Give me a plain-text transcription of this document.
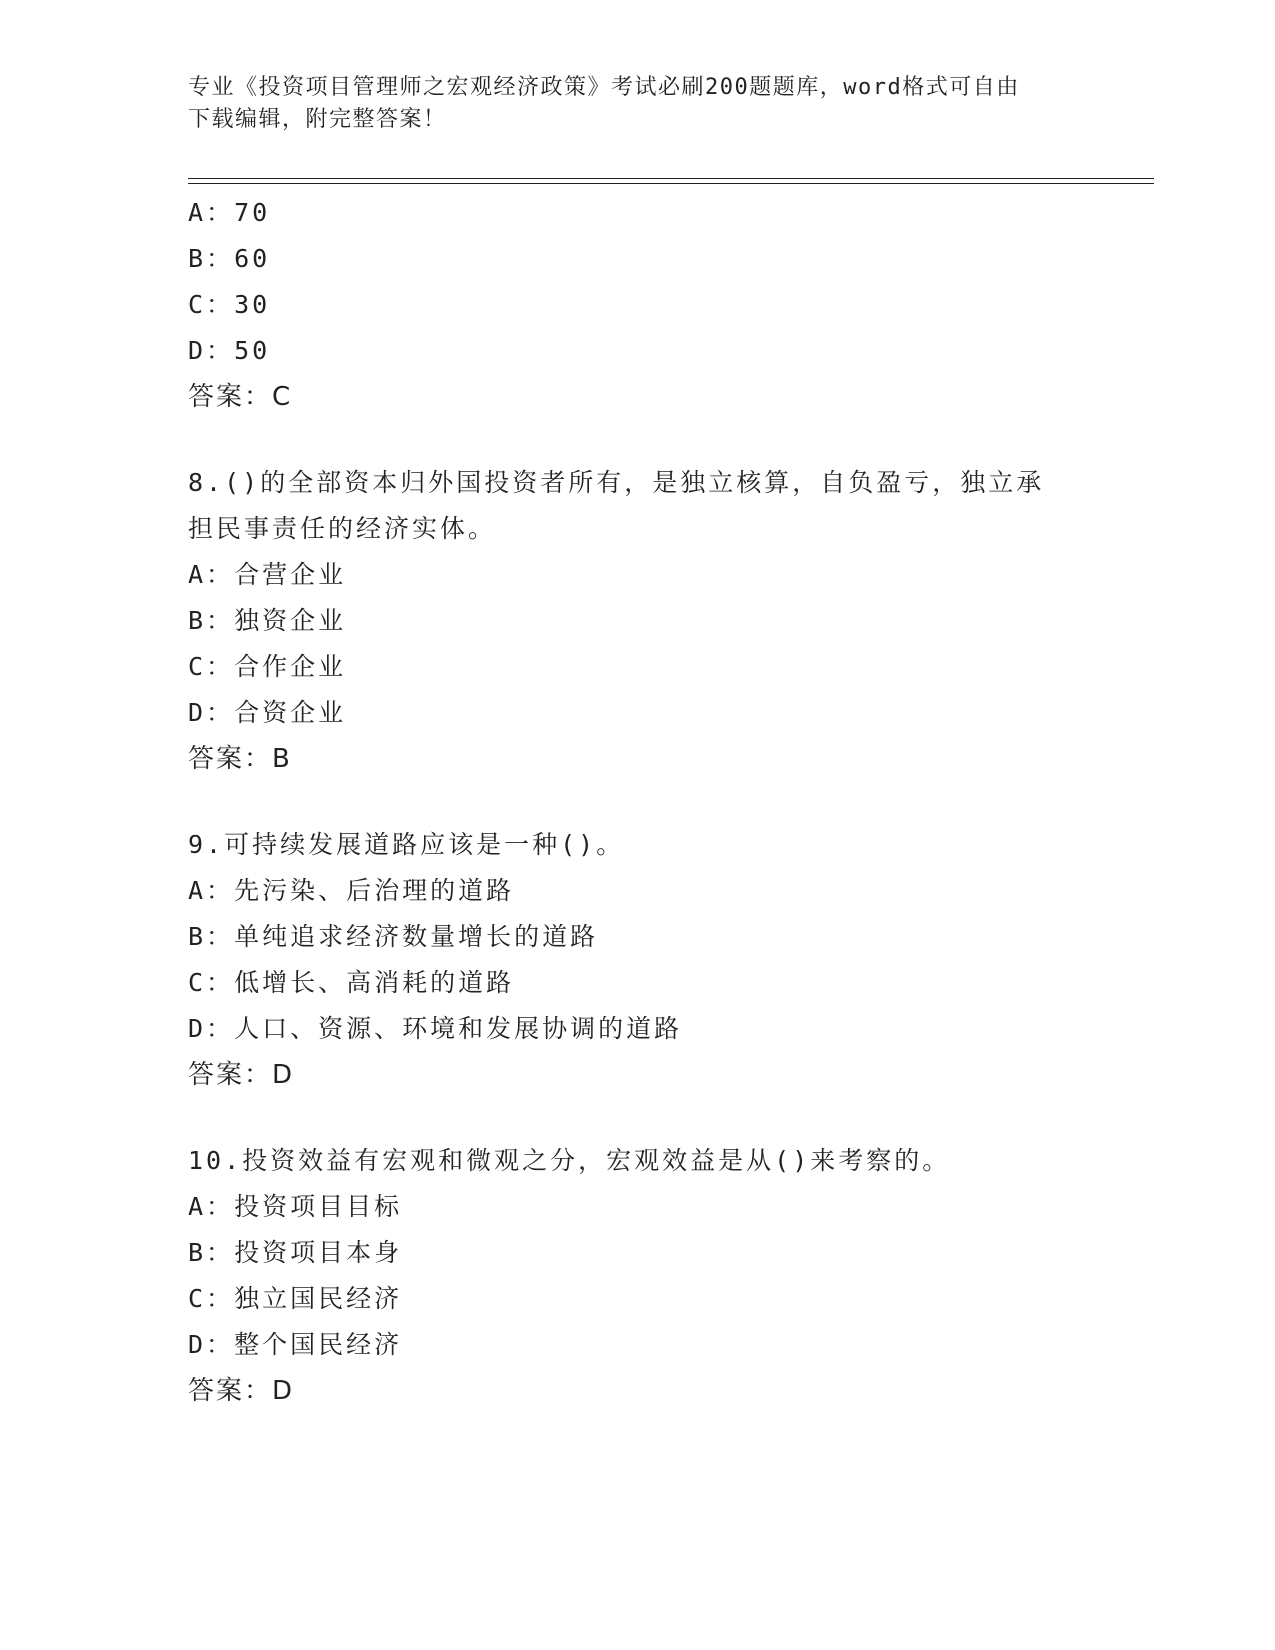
专业《投资项目管理师之宏观经济政策》考试必刷200题题库，word格式可自由
下载编辑，附完整答案！
A：70
B：60
C：30
D：50
答案：C
8.()的全部资本归外国投资者所有，是独立核算，自负盈亏，独立承
担民事责任的经济实体。
A：合营企业
B：独资企业
C：合作企业
D：合资企业
答案：B
9.可持续发展道路应该是一种()。
A：先污染、后治理的道路
B：单纯追求经济数量增长的道路
C：低增长、高消耗的道路
D：人口、资源、环境和发展协调的道路
答案：D
10.投资效益有宏观和微观之分，宏观效益是从()来考察的。
A：投资项目目标
B：投资项目本身
C：独立国民经济
D：整个国民经济
答案：D
